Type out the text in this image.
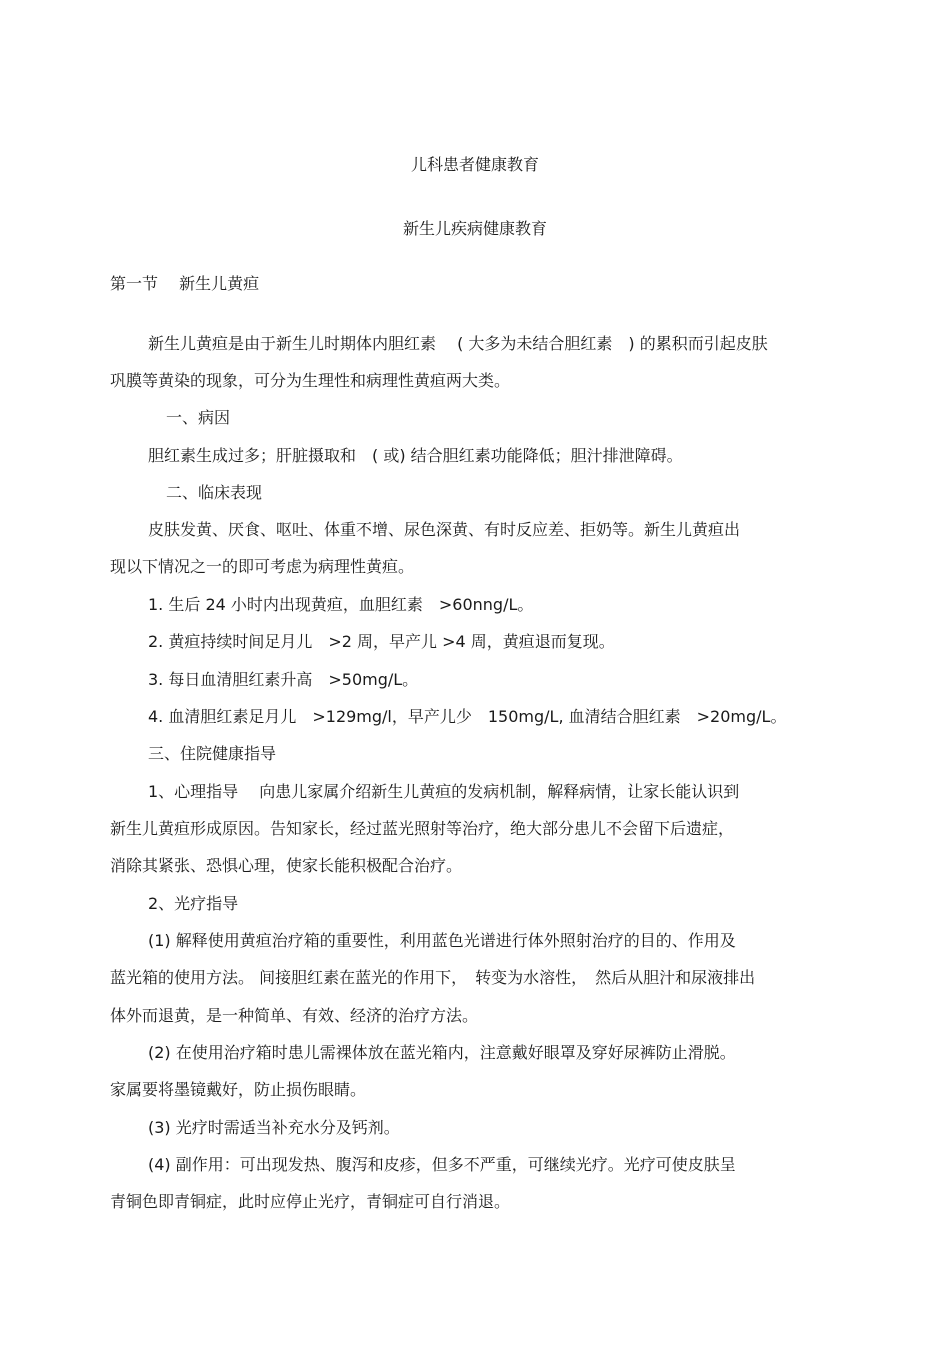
儿科患者健康教育
新生儿疾病健康教育
第一节　 新生儿黄疸
新生儿黄疸是由于新生儿时期体内胆红素　 ( 大多为未结合胆红素　) 的累积而引起皮肤
巩膜等黄染的现象，可分为生理性和病理性黄疸两大类。
一、病因
胆红素生成过多；肝脏摄取和　( 或) 结合胆红素功能降低；胆汁排泄障碍。
二、临床表现
皮肤发黄、厌食、呕吐、体重不增、尿色深黄、有时反应差、拒奶等。新生儿黄疸出
现以下情况之一的即可考虑为病理性黄疸。
1. 生后 24 小时内出现黄疸，血胆红素　>60nng/L。
2. 黄疸持续时间足月儿　>2 周，早产儿 >4 周，黄疸退而复现。
3. 每日血清胆红素升高　>50mg/L。
4. 血清胆红素足月儿　>129mg/l，早产儿少　150mg/L, 血清结合胆红素　>20mg/L。
三、住院健康指导
1、心理指导　 向患儿家属介绍新生儿黄疸的发病机制，解释病情，让家长能认识到
新生儿黄疸形成原因。告知家长，经过蓝光照射等治疗，绝大部分患儿不会留下后遗症，
消除其紧张、恐惧心理，使家长能积极配合治疗。
2、光疗指导
(1) 解释使用黄疸治疗箱的重要性，利用蓝色光谱进行体外照射治疗的目的、作用及
蓝光箱的使用方法。 间接胆红素在蓝光的作用下，　转变为水溶性，　然后从胆汁和尿液排出
体外而退黄，是一种简单、有效、经济的治疗方法。
(2) 在使用治疗箱时患儿需裸体放在蓝光箱内，注意戴好眼罩及穿好尿裤防止滑脱。
家属要将墨镜戴好，防止损伤眼睛。
(3) 光疗时需适当补充水分及钙剂。
(4) 副作用：可出现发热、腹泻和皮疹，但多不严重，可继续光疗。光疗可使皮肤呈
青铜色即青铜症，此时应停止光疗，青铜症可自行消退。
